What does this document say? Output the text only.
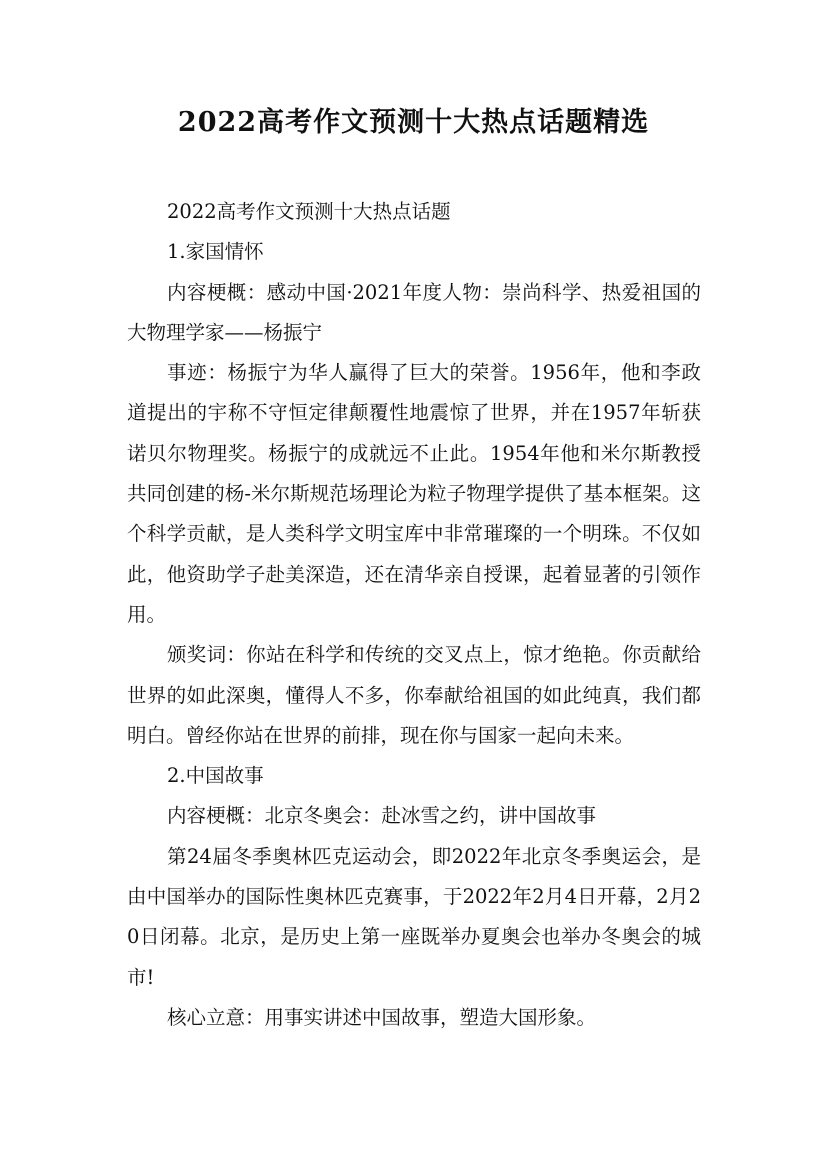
2022高考作文预测十大热点话题精选

2022高考作文预测十大热点话题

1.家国情怀

内容梗概：感动中国·2021年度人物：崇尚科学、热爱祖国的大物理学家——杨振宁

事迹：杨振宁为华人赢得了巨大的荣誉。1956年，他和李政道提出的宇称不守恒定律颠覆性地震惊了世界，并在1957年斩获诺贝尔物理奖。杨振宁的成就远不止此。1954年他和米尔斯教授共同创建的杨-米尔斯规范场理论为粒子物理学提供了基本框架。这个科学贡献，是人类科学文明宝库中非常璀璨的一个明珠。不仅如此，他资助学子赴美深造，还在清华亲自授课，起着显著的引领作用。

颁奖词：你站在科学和传统的交叉点上，惊才绝艳。你贡献给世界的如此深奥，懂得人不多，你奉献给祖国的如此纯真，我们都明白。曾经你站在世界的前排，现在你与国家一起向未来。

2.中国故事

内容梗概：北京冬奥会：赴冰雪之约，讲中国故事

第24届冬季奥林匹克运动会，即2022年北京冬季奥运会，是由中国举办的国际性奥林匹克赛事，于2022年2月4日开幕，2月20日闭幕。北京，是历史上第一座既举办夏奥会也举办冬奥会的城市!

核心立意：用事实讲述中国故事，塑造大国形象。
